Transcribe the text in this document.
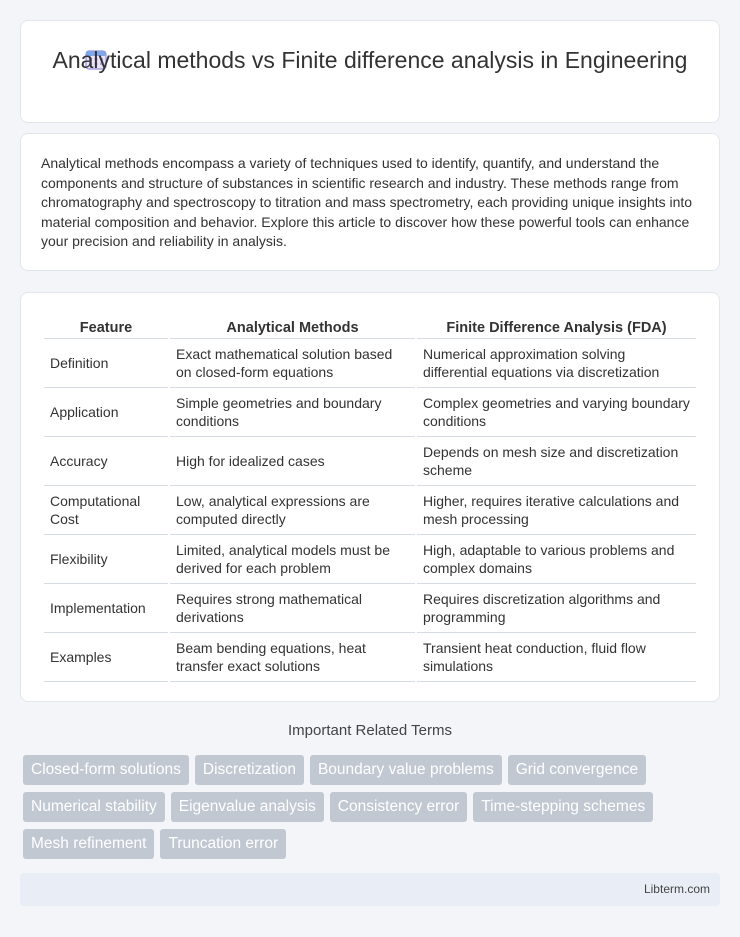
Analytical methods vs Finite difference analysis in Engineering

Analytical methods encompass a variety of techniques used to identify, quantify, and understand the components and structure of substances in scientific research and industry. These methods range from chromatography and spectroscopy to titration and mass spectrometry, each providing unique insights into material composition and behavior. Explore this article to discover how these powerful tools can enhance your precision and reliability in analysis.

Feature	Analytical Methods	Finite Difference Analysis (FDA)
Definition	Exact mathematical solution based on closed-form equations	Numerical approximation solving differential equations via discretization
Application	Simple geometries and boundary conditions	Complex geometries and varying boundary conditions
Accuracy	High for idealized cases	Depends on mesh size and discretization scheme
Computational Cost	Low, analytical expressions are computed directly	Higher, requires iterative calculations and mesh processing
Flexibility	Limited, analytical models must be derived for each problem	High, adaptable to various problems and complex domains
Implementation	Requires strong mathematical derivations	Requires discretization algorithms and programming
Examples	Beam bending equations, heat transfer exact solutions	Transient heat conduction, fluid flow simulations
Important Related Terms
Closed-form solutions	Discretization	Boundary value problems	Grid convergence
Numerical stability	Eigenvalue analysis	Consistency error	Time-stepping schemes
Mesh refinement	Truncation error
Libterm.com
